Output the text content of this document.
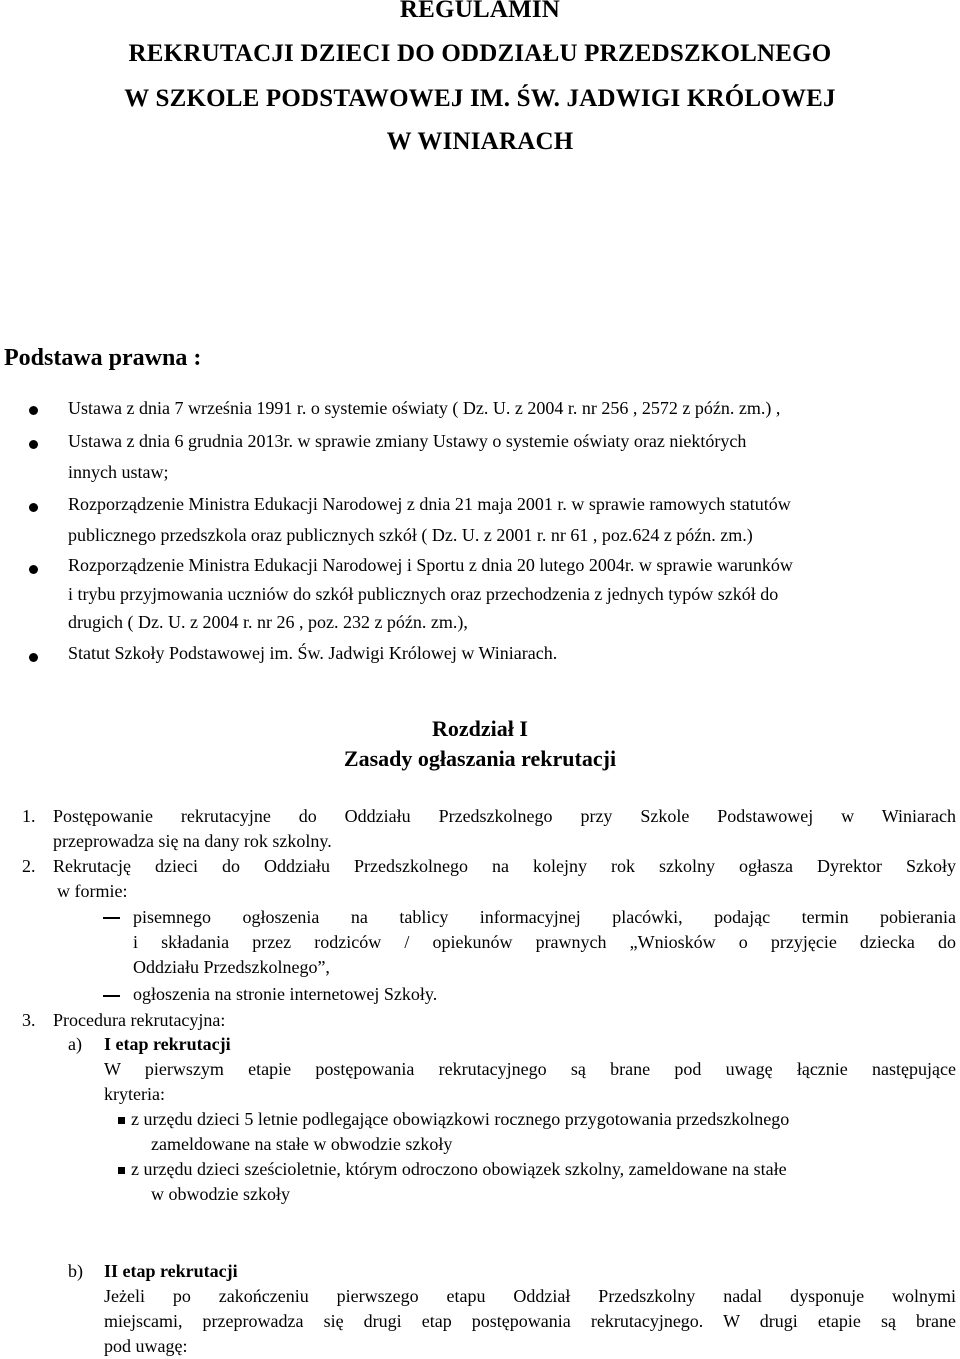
REGULAMIN
REKRUTACJI DZIECI DO ODDZIAŁU PRZEDSZKOLNEGO
W SZKOLE PODSTAWOWEJ IM. ŚW. JADWIGI KRÓLOWEJ
W WINIARACH
Podstawa prawna :
Ustawa z dnia 7 września 1991 r. o systemie oświaty ( Dz. U. z 2004 r. nr 256 , 2572 z późn. zm.) ,
Ustawa z dnia 6 grudnia 2013r. w sprawie zmiany Ustawy o systemie oświaty oraz niektórych
innych ustaw;
Rozporządzenie Ministra Edukacji Narodowej z dnia 21 maja 2001 r. w sprawie ramowych statutów
publicznego przedszkola oraz publicznych szkół ( Dz. U. z 2001 r. nr 61 , poz.624 z późn. zm.)
Rozporządzenie Ministra Edukacji Narodowej i Sportu z dnia 20 lutego 2004r. w sprawie warunków
i trybu przyjmowania uczniów do szkół publicznych oraz przechodzenia z jednych typów szkół do
drugich ( Dz. U. z 2004 r. nr 26 , poz. 232 z późn. zm.),
Statut Szkoły Podstawowej im. Św. Jadwigi Królowej w Winiarach.
Rozdział I
Zasady ogłaszania rekrutacji
1. Postępowanie rekrutacyjne do Oddziału Przedszkolnego przy Szkole Podstawowej w Winiarach
przeprowadza się na dany rok szkolny.
2. Rekrutację dzieci do Oddziału Przedszkolnego na kolejny rok szkolny ogłasza Dyrektor Szkoły
w formie:
pisemnego ogłoszenia na tablicy informacyjnej placówki, podając termin pobierania
i składania przez rodziców / opiekunów prawnych „Wniosków o przyjęcie dziecka do
Oddziału Przedszkolnego”,
ogłoszenia na stronie internetowej Szkoły.
3. Procedura rekrutacyjna:
a) I etap rekrutacji
W pierwszym etapie postępowania rekrutacyjnego są brane pod uwagę łącznie następujące
kryteria:
z urzędu dzieci 5 letnie podlegające obowiązkowi rocznego przygotowania przedszkolnego
zameldowane na stałe w obwodzie szkoły
z urzędu dzieci sześcioletnie, którym odroczono obowiązek szkolny, zameldowane na stałe
w obwodzie szkoły
b) II etap rekrutacji
Jeżeli po zakończeniu pierwszego etapu Oddział Przedszkolny nadal dysponuje wolnymi
miejscami, przeprowadza się drugi etap postępowania rekrutacyjnego. W drugi etapie są brane
pod uwagę:
